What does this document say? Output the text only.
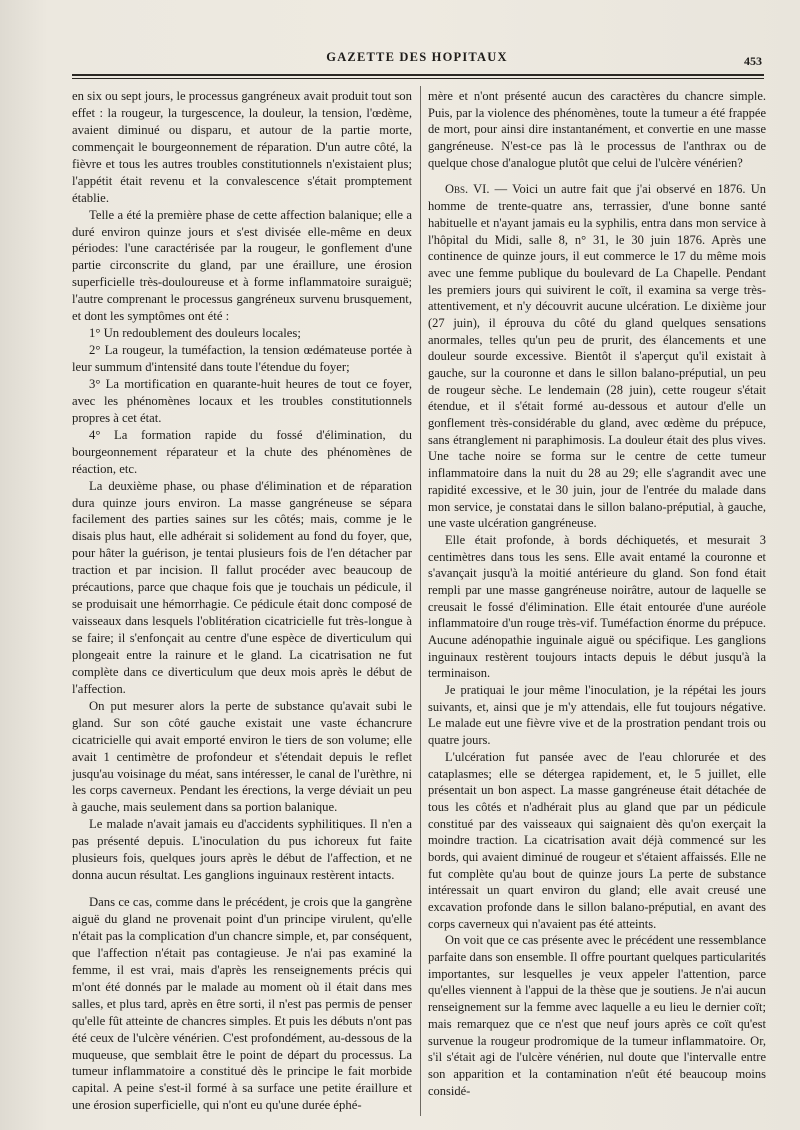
GAZETTE DES HOPITAUX	453

en six ou sept jours, le processus gangréneux avait produit tout son effet : la rougeur, la turgescence, la douleur, la tension, l'œdème, avaient diminué ou disparu, et autour de la partie morte, commençait le bourgeonnement de réparation. D'un autre côté, la fièvre et tous les autres troubles constitutionnels n'existaient plus; l'appétit était revenu et la convalescence s'était promptement établie.

Telle a été la première phase de cette affection balanique; elle a duré environ quinze jours et s'est divisée elle-même en deux périodes: l'une caractérisée par la rougeur, le gonflement d'une partie circonscrite du gland, par une éraillure, une érosion superficielle très-douloureuse et à forme inflammatoire suraiguë; l'autre comprenant le processus gangréneux survenu brusquement, et dont les symptômes ont été :

1° Un redoublement des douleurs locales;

2° La rougeur, la tuméfaction, la tension œdémateuse portée à leur summum d'intensité dans toute l'étendue du foyer;

3° La mortification en quarante-huit heures de tout ce foyer, avec les phénomènes locaux et les troubles constitutionnels propres à cet état.

4° La formation rapide du fossé d'élimination, du bourgeonnement réparateur et la chute des phénomènes de réaction, etc.

La deuxième phase, ou phase d'élimination et de réparation dura quinze jours environ. La masse gangréneuse se sépara facilement des parties saines sur les côtés; mais, comme je le disais plus haut, elle adhérait si solidement au fond du foyer, que, pour hâter la guérison, je tentai plusieurs fois de l'en détacher par traction et par incision. Il fallut procéder avec beaucoup de précautions, parce que chaque fois que je touchais un pédicule, il se produisait une hémorrhagie. Ce pédicule était donc composé de vaisseaux dans lesquels l'oblitération cicatricielle fut très-longue à se faire; il s'enfonçait au centre d'une espèce de diverticulum qui plongeait entre la rainure et le gland. La cicatrisation ne fut complète dans ce diverticulum que deux mois après le début de l'affection.

On put mesurer alors la perte de substance qu'avait subi le gland. Sur son côté gauche existait une vaste échancrure cicatricielle qui avait emporté environ le tiers de son volume; elle avait 1 centimètre de profondeur et s'étendait depuis le reflet jusqu'au voisinage du méat, sans intéresser, le canal de l'urèthre, ni les corps caverneux. Pendant les érections, la verge déviait un peu à gauche, mais seulement dans sa portion balanique.

Le malade n'avait jamais eu d'accidents syphilitiques. Il n'en a pas présenté depuis. L'inoculation du pus ichoreux fut faite plusieurs fois, quelques jours après le début de l'affection, et ne donna aucun résultat. Les ganglions inguinaux restèrent intacts.

Dans ce cas, comme dans le précédent, je crois que la gangrène aiguë du gland ne provenait point d'un principe virulent, qu'elle n'était pas la complication d'un chancre simple, et, par conséquent, que l'affection n'était pas contagieuse. Je n'ai pas examiné la femme, il est vrai, mais d'après les renseignements précis qui m'ont été donnés par le malade au moment où il était dans mes salles, et plus tard, après en être sorti, il n'est pas permis de penser qu'elle fût atteinte de chancres simples. Et puis les débuts n'ont pas été ceux de l'ulcère vénérien. C'est profondément, au-dessous de la muqueuse, que semblait être le point de départ du processus. La tumeur inflammatoire a constitué dès le principe le fait morbide capital. A peine s'est-il formé à sa surface une petite éraillure et une érosion superficielle, qui n'ont eu qu'une durée éphé-

mère et n'ont présenté aucun des caractères du chancre simple. Puis, par la violence des phénomènes, toute la tumeur a été frappée de mort, pour ainsi dire instantanément, et convertie en une masse gangréneuse. N'est-ce pas là le processus de l'anthrax ou de quelque chose d'analogue plutôt que celui de l'ulcère vénérien?

Obs. VI. — Voici un autre fait que j'ai observé en 1876. Un homme de trente-quatre ans, terrassier, d'une bonne santé habituelle et n'ayant jamais eu la syphilis, entra dans mon service à l'hôpital du Midi, salle 8, n° 31, le 30 juin 1876. Après une continence de quinze jours, il eut commerce le 17 du même mois avec une femme publique du boulevard de La Chapelle. Pendant les premiers jours qui suivirent le coït, il examina sa verge très-attentivement, et n'y découvrit aucune ulcération. Le dixième jour (27 juin), il éprouva du côté du gland quelques sensations anormales, telles qu'un peu de prurit, des élancements et une douleur sourde excessive. Bientôt il s'aperçut qu'il existait à gauche, sur la couronne et dans le sillon balano-préputial, un peu de rougeur sèche. Le lendemain (28 juin), cette rougeur s'était étendue, et il s'était formé au-dessous et autour d'elle un gonflement très-considérable du gland, avec œdème du prépuce, sans étranglement ni paraphimosis. La douleur était des plus vives. Une tache noire se forma sur le centre de cette tumeur inflammatoire dans la nuit du 28 au 29; elle s'agrandit avec une rapidité excessive, et le 30 juin, jour de l'entrée du malade dans mon service, je constatai dans le sillon balano-préputial, à gauche, une vaste ulcération gangréneuse.

Elle était profonde, à bords déchiquetés, et mesurait 3 centimètres dans tous les sens. Elle avait entamé la couronne et s'avançait jusqu'à la moitié antérieure du gland. Son fond était rempli par une masse gangréneuse noirâtre, autour de laquelle se creusait le fossé d'élimination. Elle était entourée d'une auréole inflammatoire d'un rouge très-vif. Tuméfaction énorme du prépuce. Aucune adénopathie inguinale aiguë ou spécifique. Les ganglions inguinaux restèrent toujours intacts depuis le début jusqu'à la terminaison.

Je pratiquai le jour même l'inoculation, je la répétai les jours suivants, et, ainsi que je m'y attendais, elle fut toujours négative. Le malade eut une fièvre vive et de la prostration pendant trois ou quatre jours.

L'ulcération fut pansée avec de l'eau chlorurée et des cataplasmes; elle se détergea rapidement, et, le 5 juillet, elle présentait un bon aspect. La masse gangréneuse était détachée de tous les côtés et n'adhérait plus au gland que par un pédicule constitué par des vaisseaux qui saignaient dès qu'on exerçait la moindre traction. La cicatrisation avait déjà commencé sur les bords, qui avaient diminué de rougeur et s'étaient affaissés. Elle ne fut complète qu'au bout de quinze jours La perte de substance intéressait un quart environ du gland; elle avait creusé une excavation profonde dans le sillon balano-préputial, en avant des corps caverneux qui n'avaient pas été atteints.

On voit que ce cas présente avec le précédent une ressemblance parfaite dans son ensemble. Il offre pourtant quelques particularités importantes, sur lesquelles je veux appeler l'attention, parce qu'elles viennent à l'appui de la thèse que je soutiens. Je n'ai aucun renseignement sur la femme avec laquelle a eu lieu le dernier coït; mais remarquez que ce n'est que neuf jours après ce coït qu'est survenue la rougeur prodromique de la tumeur inflammatoire. Or, s'il s'était agi de l'ulcère vénérien, nul doute que l'intervalle entre son apparition et la contamination n'eût été beaucoup moins considé-
